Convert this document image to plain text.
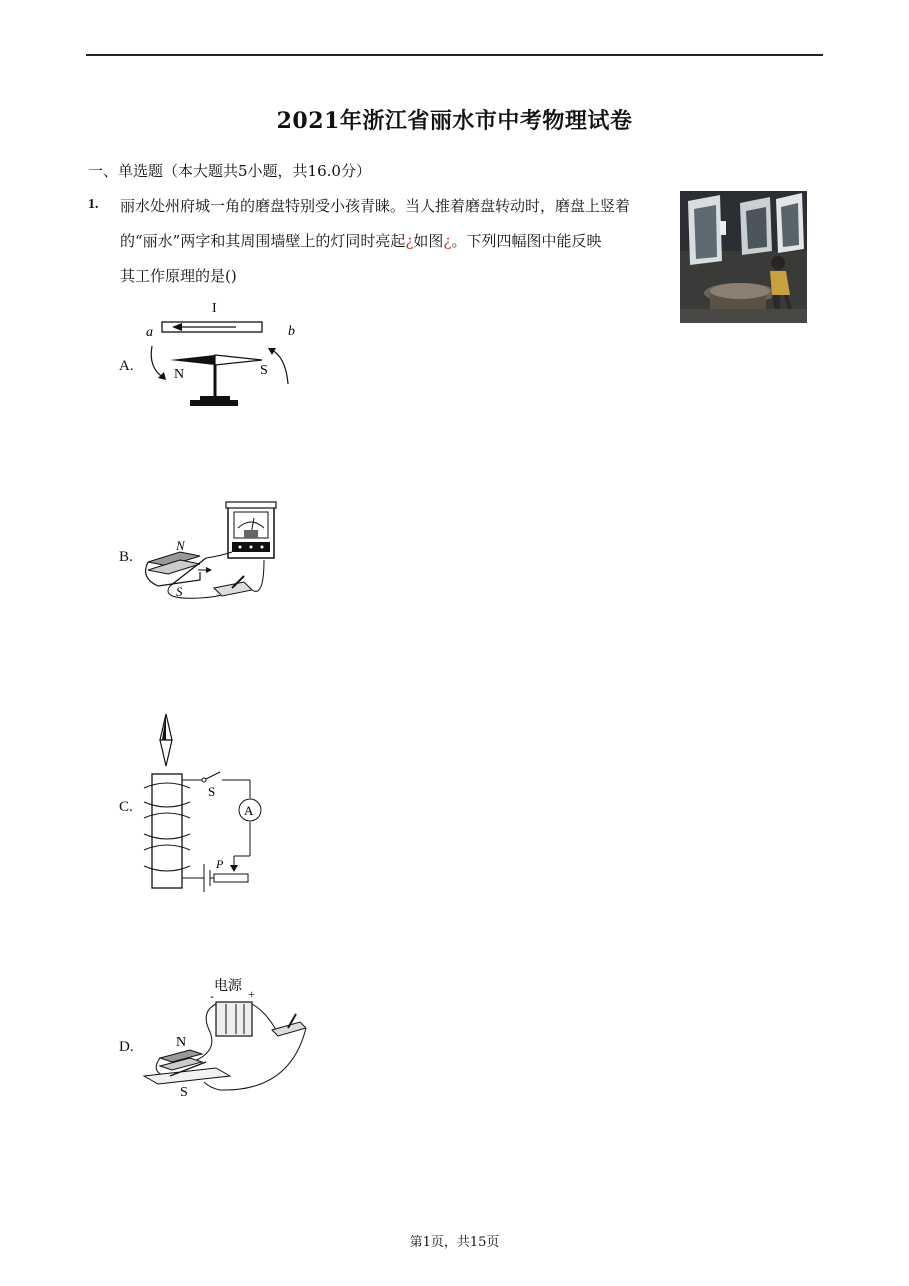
2021年浙江省丽水市中考物理试卷
一、单选题（本大题共5小题，共16.0分）
1. 丽水处州府城一角的磨盘特别受小孩青睐。当人推着磨盘转动时，磨盘上竖着
的“丽水”两字和其周围墙壁上的灯同时亮起¿如图¿。下列四幅图中能反映
其工作原理的是()
A.
I
a	b
N	S
B.
N
S
C.
S
A
P
D.
电源
-	+
N
S
第1页，共15页
